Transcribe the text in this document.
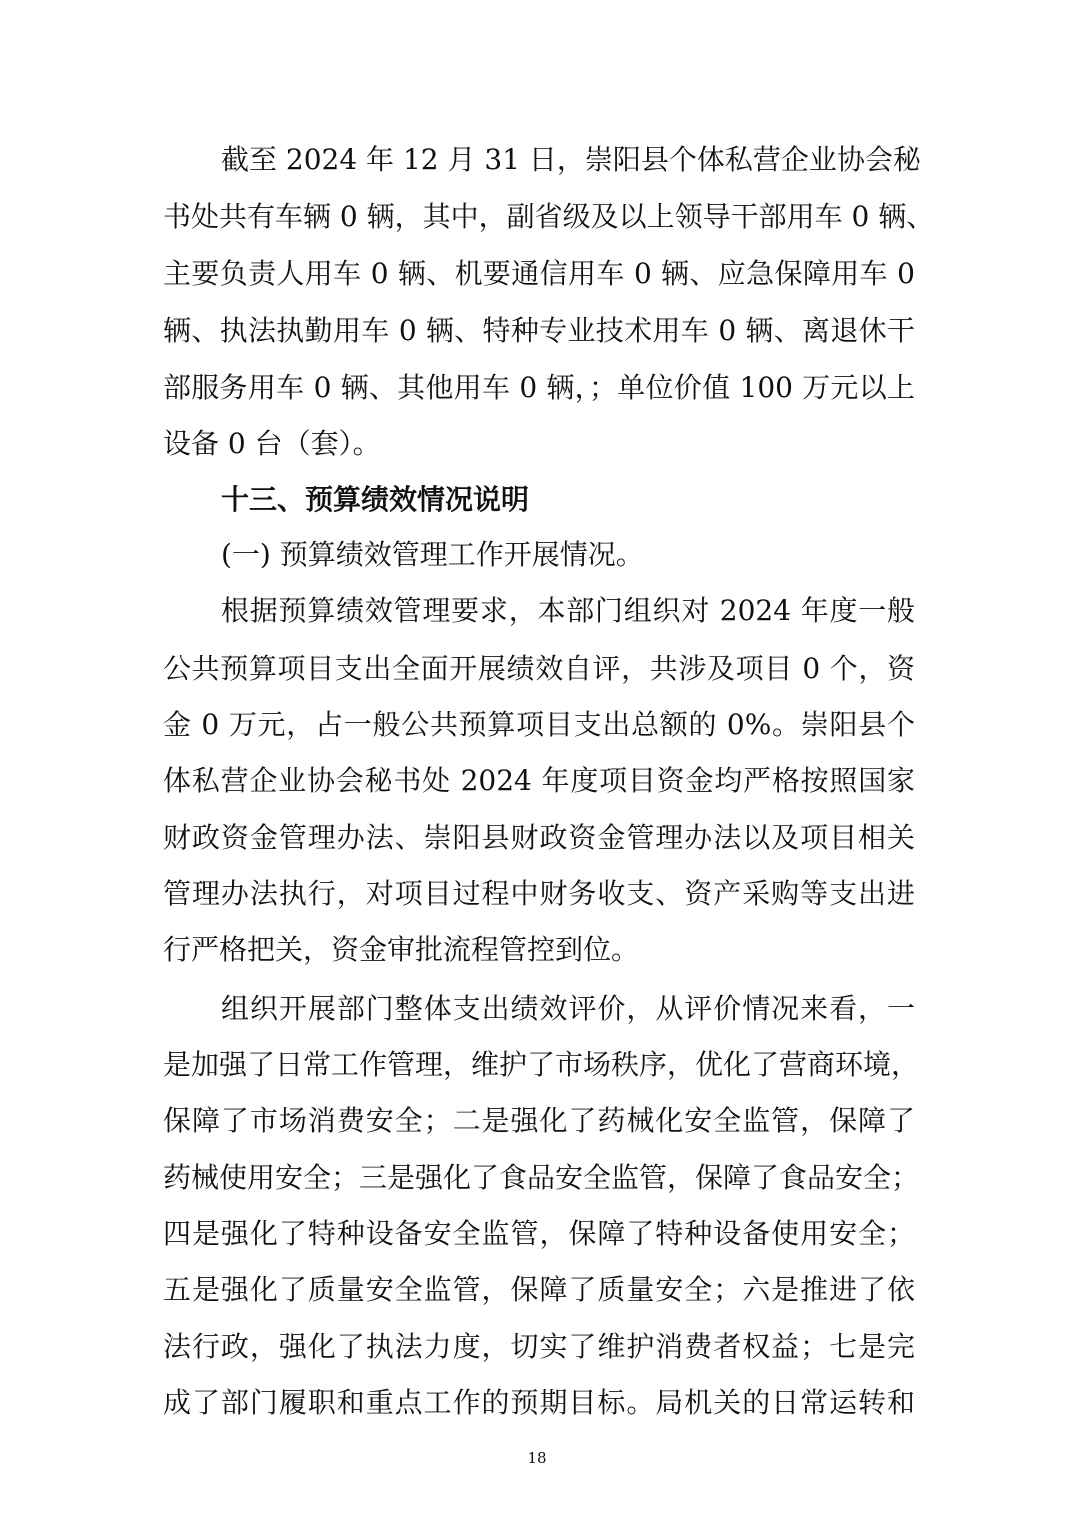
截至 2024 年 12 月 31 日，崇阳县个体私营企业协会秘
书处共有车辆 0 辆，其中，副省级及以上领导干部用车 0 辆、
主要负责人用车 0 辆、机要通信用车 0 辆、应急保障用车 0
辆、执法执勤用车 0 辆、特种专业技术用车 0 辆、离退休干
部服务用车 0 辆、其他用车 0 辆，；单位价值 100 万元以上
设备 0 台（套）。
十三、预算绩效情况说明
(一) 预算绩效管理工作开展情况。
根据预算绩效管理要求，本部门组织对 2024 年度一般
公共预算项目支出全面开展绩效自评，共涉及项目 0 个，资
金 0 万元，占一般公共预算项目支出总额的 0%。崇阳县个
体私营企业协会秘书处 2024 年度项目资金均严格按照国家
财政资金管理办法、崇阳县财政资金管理办法以及项目相关
管理办法执行，对项目过程中财务收支、资产采购等支出进
行严格把关，资金审批流程管控到位。
组织开展部门整体支出绩效评价，从评价情况来看，一
是加强了日常工作管理，维护了市场秩序，优化了营商环境，
保障了市场消费安全；二是强化了药械化安全监管，保障了
药械使用安全；三是强化了食品安全监管，保障了食品安全；
四是强化了特种设备安全监管，保障了特种设备使用安全；
五是强化了质量安全监管，保障了质量安全；六是推进了依
法行政，强化了执法力度，切实了维护消费者权益；七是完
成了部门履职和重点工作的预期目标。局机关的日常运转和
18
